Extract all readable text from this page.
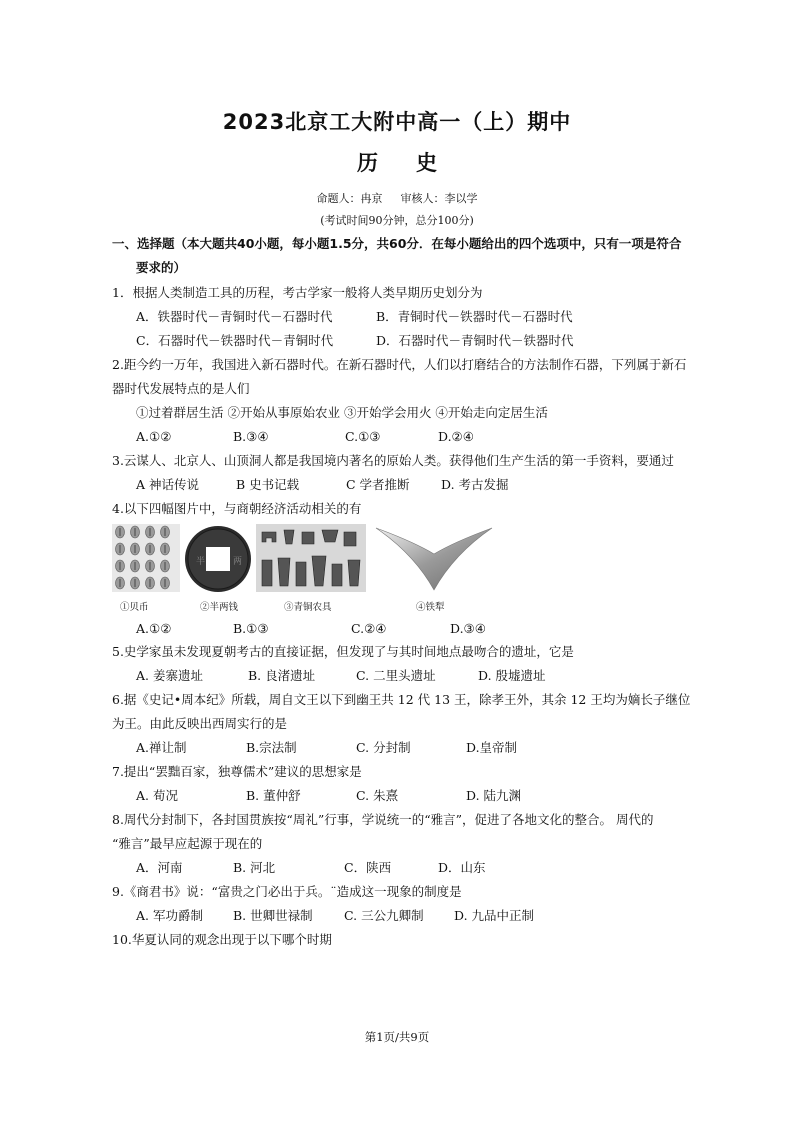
2023北京工大附中高一（上）期中
历史
命题人：冉京 审核人：李以学
(考试时间90分钟，总分100分)
一、选择题（本大题共40小题，每小题1.5分，共60分．在每小题给出的四个选项中，只有一项是符合
要求的）
1．根据人类制造工具的历程，考古学家一般将人类早期历史划分为
A．铁器时代－青铜时代－石器时代	B．青铜时代－铁器时代－石器时代
C．石器时代－铁器时代－青铜时代	D．石器时代－青铜时代－铁器时代
2.距今约一万年，我国进入新石器时代。在新石器时代，人们以打磨结合的方法制作石器，下列属于新石
器时代发展特点的是人们
①过着群居生活 ②开始从事原始农业 ③开始学会用火 ④开始走向定居生活
A.①②	B.③④	C.①③	D.②④
3.云谋人、北京人、山顶洞人都是我国境内著名的原始人类。获得他们生产生活的第一手资料，要通过
A 神话传说	B 史书记载	C 学者推断	D. 考古发掘
4.以下四幅图片中，与商朝经济活动相关的有
①贝币
半	两
②半两钱	③青铜农具	④铁犁
A.①②	B.①③	C.②④	D.③④
5.史学家虽未发现夏朝考古的直接证据，但发现了与其时间地点最吻合的遗址，它是
A. 姜寨遗址	B. 良渚遗址	C. 二里头遗址	D. 殷墟遗址
6.据《史记•周本纪》所载，周自文王以下到幽王共 12 代 13 王，除孝王外，其余 12 王均为嫡长子继位
为王。由此反映出西周实行的是
A.禅让制	B.宗法制	C. 分封制	D.皇帝制
7.提出“罢黜百家，独尊儒术”建议的思想家是
A. 荀况	B. 董仲舒	C. 朱熹	D. 陆九渊
8.周代分封制下，各封国贯族按“周礼”行事，学说统一的“雅言”，促进了各地文化的整合。 周代的
“雅言”最早应起源于现在的
A．河南	B. 河北	C．陕西	D．山东
9.《商君书》说：“富贵之门必出于兵。¨造成这一现象的制度是
A. 军功爵制 B. 世卿世禄制	C. 三公九卿制 D. 九品中正制
10.华夏认同的观念出现于以下哪个时期
第1页/共9页
